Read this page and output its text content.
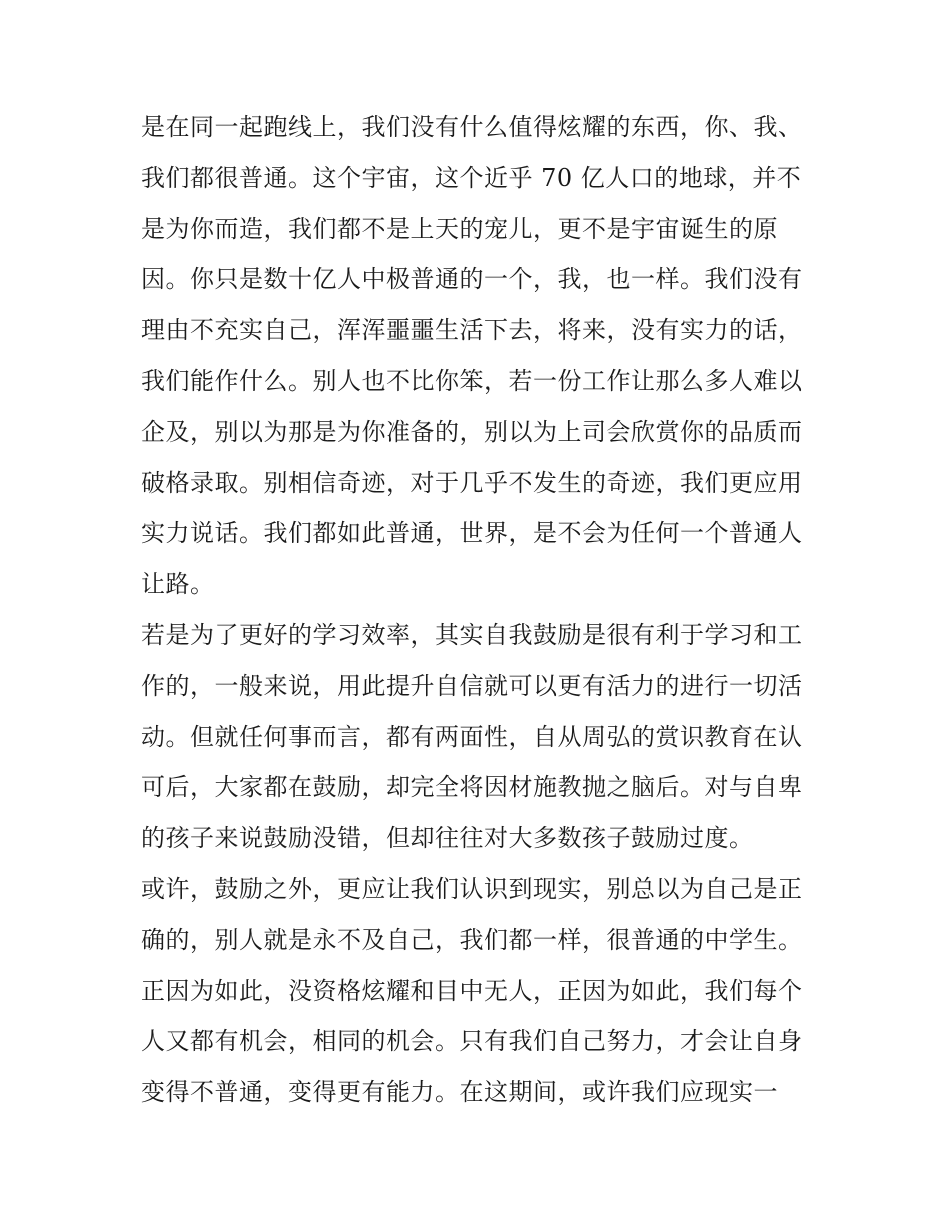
是在同一起跑线上，我们没有什么值得炫耀的东西，你、我、
我们都很普通。这个宇宙，这个近乎 70 亿人口的地球，并不
是为你而造，我们都不是上天的宠儿，更不是宇宙诞生的原
因。你只是数十亿人中极普通的一个，我，也一样。我们没有
理由不充实自己，浑浑噩噩生活下去，将来，没有实力的话，
我们能作什么。别人也不比你笨，若一份工作让那么多人难以
企及，别以为那是为你准备的，别以为上司会欣赏你的品质而
破格录取。别相信奇迹，对于几乎不发生的奇迹，我们更应用
实力说话。我们都如此普通，世界，是不会为任何一个普通人
让路。
若是为了更好的学习效率，其实自我鼓励是很有利于学习和工
作的，一般来说，用此提升自信就可以更有活力的进行一切活
动。但就任何事而言，都有两面性，自从周弘的赏识教育在认
可后，大家都在鼓励，却完全将因材施教抛之脑后。对与自卑
的孩子来说鼓励没错，但却往往对大多数孩子鼓励过度。
或许，鼓励之外，更应让我们认识到现实，别总以为自己是正
确的，别人就是永不及自己，我们都一样，很普通的中学生。
正因为如此，没资格炫耀和目中无人，正因为如此，我们每个
人又都有机会，相同的机会。只有我们自己努力，才会让自身
变得不普通，变得更有能力。在这期间，或许我们应现实一
